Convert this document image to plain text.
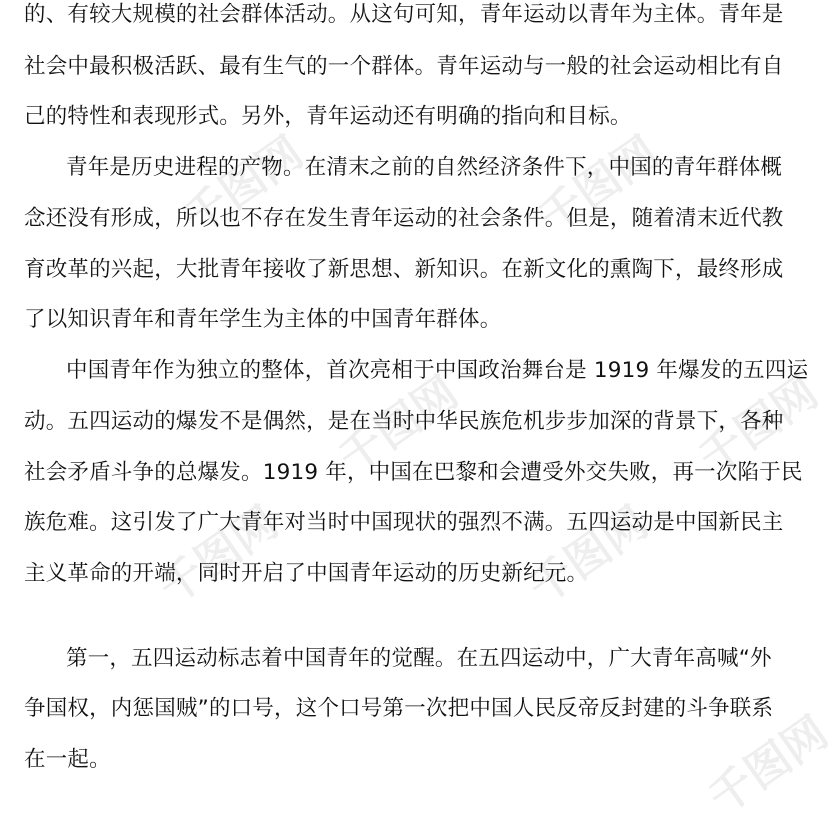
千图网	千图网
千图网	千图网
千图网	千图网
千图网
的、有较大规模的社会群体活动。从这句可知，青年运动以青年为主体。青年是
社会中最积极活跃、最有生气的一个群体。青年运动与一般的社会运动相比有自
己的特性和表现形式。另外，青年运动还有明确的指向和目标。
青年是历史进程的产物。在清末之前的自然经济条件下，中国的青年群体概
念还没有形成，所以也不存在发生青年运动的社会条件。但是，随着清末近代教
育改革的兴起，大批青年接收了新思想、新知识。在新文化的熏陶下，最终形成
了以知识青年和青年学生为主体的中国青年群体。
中国青年作为独立的整体，首次亮相于中国政治舞台是 1919 年爆发的五四运
动。五四运动的爆发不是偶然，是在当时中华民族危机步步加深的背景下，各种
社会矛盾斗争的总爆发。1919 年，中国在巴黎和会遭受外交失败，再一次陷于民
族危难。这引发了广大青年对当时中国现状的强烈不满。五四运动是中国新民主
主义革命的开端，同时开启了中国青年运动的历史新纪元。
第一，五四运动标志着中国青年的觉醒。在五四运动中，广大青年高喊“外
争国权，内惩国贼”的口号，这个口号第一次把中国人民反帝反封建的斗争联系
在一起。
